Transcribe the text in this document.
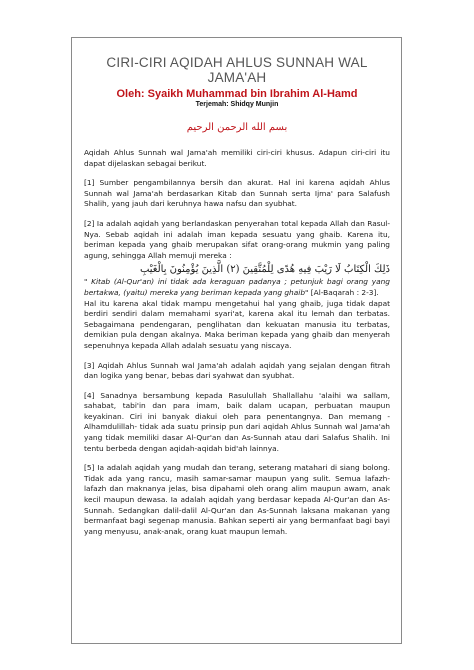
CIRI-CIRI AQIDAH AHLUS SUNNAH WAL
JAMA'AH
Oleh: Syaikh Muhammad bin Ibrahim Al-Hamd
Terjemah: Shidqy Munjin
بسم الله الرحمن الرحيم
Aqidah Ahlus Sunnah wal Jama'ah memiliki ciri-ciri khusus. Adapun ciri-ciri itu dapat dijelaskan sebagai berikut.
[1] Sumber pengambilannya bersih dan akurat. Hal ini karena aqidah Ahlus Sunnah wal Jama'ah berdasarkan Kitab dan Sunnah serta Ijma' para Salafush Shalih, yang jauh dari keruhnya hawa nafsu dan syubhat.
[2] Ia adalah aqidah yang berlandaskan penyerahan total kepada Allah dan Rasul-Nya. Sebab aqidah ini adalah iman kepada sesuatu yang ghaib. Karena itu, beriman kepada yang ghaib merupakan sifat orang-orang mukmin yang paling agung, sehingga Allah memuji mereka :
ذَلِكَ الْكِتَابُ لَا رَيْبَ فِيهِ هُدًى لِلْمُتَّقِينَ (٢) الَّذِينَ يُؤْمِنُونَ بِالْغَيْبِ
" Kitab (Al-Qur'an) ini tidak ada keraguan padanya ; petunjuk bagi orang yang bertakwa, (yaitu) mereka yang beriman kepada yang ghaib" [Al-Baqarah : 2-3].
Hal itu karena akal tidak mampu mengetahui hal yang ghaib, juga tidak dapat berdiri sendiri dalam memahami syari'at, karena akal itu lemah dan terbatas. Sebagaimana pendengaran, penglihatan dan kekuatan manusia itu terbatas, demikian pula dengan akalnya. Maka beriman kepada yang ghaib dan menyerah sepenuhnya kepada Allah adalah sesuatu yang niscaya.
[3] Aqidah Ahlus Sunnah wal Jama'ah adalah aqidah yang sejalan dengan fitrah dan logika yang benar, bebas dari syahwat dan syubhat.
[4] Sanadnya bersambung kepada Rasulullah Shallallahu 'alaihi wa sallam, sahabat, tabi'in dan para imam, baik dalam ucapan, perbuatan maupun keyakinan. Ciri ini banyak diakui oleh para penentangnya. Dan memang - Alhamdulillah- tidak ada suatu prinsip pun dari aqidah Ahlus Sunnah wal Jama'ah yang tidak memiliki dasar Al-Qur'an dan As-Sunnah atau dari Salafus Shalih. Ini tentu berbeda dengan aqidah-aqidah bid'ah lainnya.
[5] Ia adalah aqidah yang mudah dan terang, seterang matahari di siang bolong. Tidak ada yang rancu, masih samar-samar maupun yang sulit. Semua lafazh-lafazh dan maknanya jelas, bisa dipahami oleh orang alim maupun awam, anak kecil maupun dewasa. Ia adalah aqidah yang berdasar kepada Al-Qur'an dan As-Sunnah. Sedangkan dalil-dalil Al-Qur'an dan As-Sunnah laksana makanan yang bermanfaat bagi segenap manusia. Bahkan seperti air yang bermanfaat bagi bayi yang menyusu, anak-anak, orang kuat maupun lemah.
